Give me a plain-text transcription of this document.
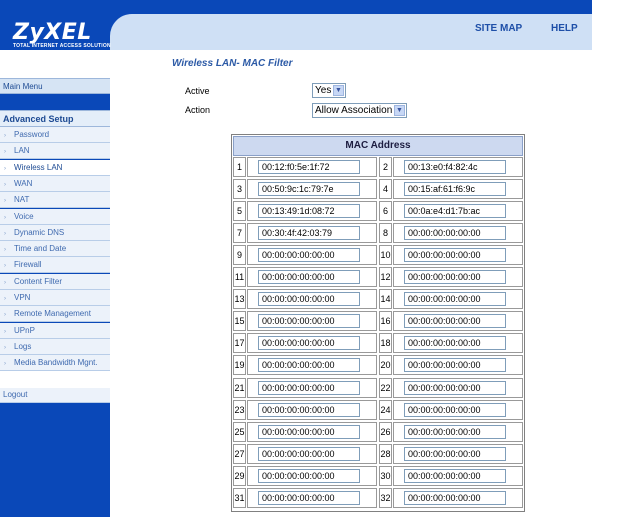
ZyXEL
TOTAL INTERNET ACCESS SOLUTION
SITE MAP	HELP
Main Menu
Advanced Setup
› Password
› LAN
› Wireless LAN
› WAN
› NAT
› Voice
› Dynamic DNS
› Time and Date
› Firewall
› Content Filter
› VPN
› Remote Management
› UPnP
› Logs
› Media Bandwidth Mgnt.
Logout
Wireless LAN- MAC Filter
Active	Yes ▼
Action	Allow Association ▼
MAC Address
1	00:12:f0:5e:1f:72	2	00:13:e0:f4:82:4c
3	00:50:9c:1c:79:7e	4	00:15:af:61:f6:9c
5	00:13:49:1d:08:72	6	00:0a:e4:d1:7b:ac
7	00:30:4f:42:03:79	8	00:00:00:00:00:00
9	00:00:00:00:00:00	10	00:00:00:00:00:00
11	00:00:00:00:00:00	12	00:00:00:00:00:00
13	00:00:00:00:00:00	14	00:00:00:00:00:00
15	00:00:00:00:00:00	16	00:00:00:00:00:00
17	00:00:00:00:00:00	18	00:00:00:00:00:00
19	00:00:00:00:00:00	20	00:00:00:00:00:00
21	00:00:00:00:00:00	22	00:00:00:00:00:00
23	00:00:00:00:00:00	24	00:00:00:00:00:00
25	00:00:00:00:00:00	26	00:00:00:00:00:00
27	00:00:00:00:00:00	28	00:00:00:00:00:00
29	00:00:00:00:00:00	30	00:00:00:00:00:00
31	00:00:00:00:00:00	32	00:00:00:00:00:00
